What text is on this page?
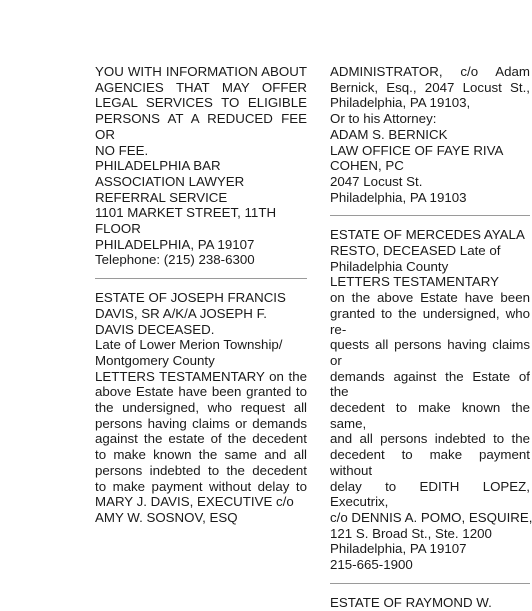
YOU WITH INFORMATION ABOUT
AGENCIES THAT MAY OFFER
LEGAL SERVICES TO ELIGIBLE
PERSONS AT A REDUCED FEE OR
NO FEE.
PHILADELPHIA BAR
ASSOCIATION LAWYER
REFERRAL SERVICE
1101 MARKET STREET, 11TH
FLOOR
PHILADELPHIA, PA 19107
Telephone: (215) 238-6300
ESTATE OF JOSEPH FRANCIS
DAVIS, SR A/K/A JOSEPH F.
DAVIS DECEASED.
Late of Lower Merion Township/
Montgomery County
LETTERS TESTAMENTARY on the
above Estate have been granted to
the undersigned, who request all
persons having claims or demands
against the estate of the decedent
to make known the same and all
persons indebted to the decedent
to make payment without delay to
MARY J. DAVIS, EXECUTIVE c/o
AMY W. SOSNOV, ESQ
ADMINISTRATOR, c/o Adam
Bernick, Esq., 2047 Locust St.,
Philadelphia, PA 19103,
Or to his Attorney:
ADAM S. BERNICK
LAW OFFICE OF FAYE RIVA
COHEN, PC
2047 Locust St.
Philadelphia, PA 19103
ESTATE OF MERCEDES AYALA
RESTO, DECEASED Late of
Philadelphia County
LETTERS TESTAMENTARY
on the above Estate have been
granted to the undersigned, who re-
quests all persons having claims or
demands against the Estate of the
decedent to make known the same,
and all persons indebted to the
decedent to make payment without
delay to EDITH LOPEZ, Executrix,
c/o DENNIS A. POMO, ESQUIRE,
121 S. Broad St., Ste. 1200
Philadelphia, PA 19107
215-665-1900
ESTATE OF RAYMOND W.
